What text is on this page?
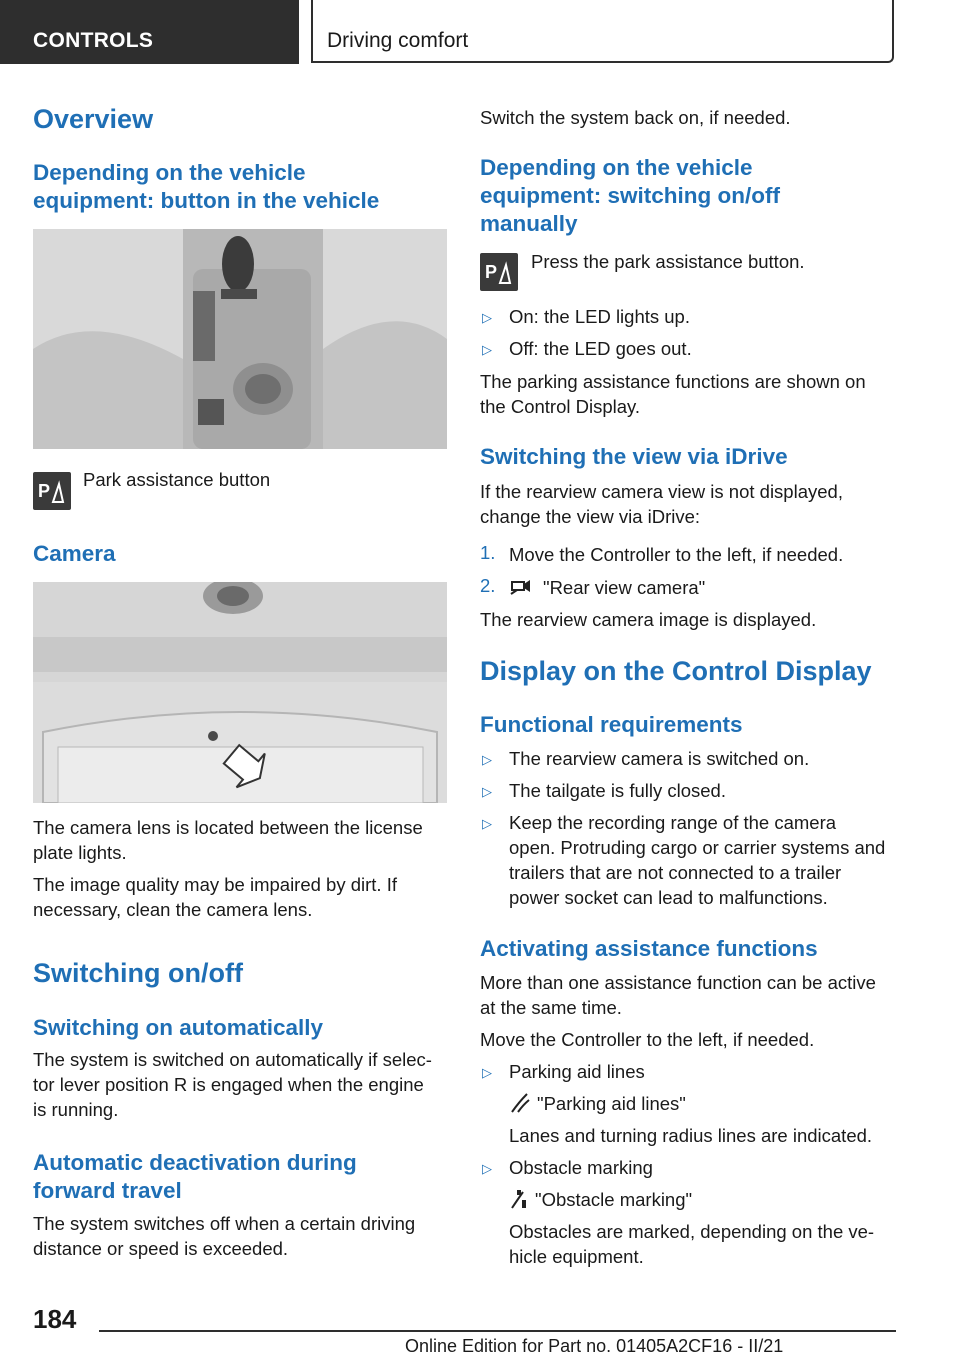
CONTROLS	Driving comfort
Overview
Depending on the vehicle
equipment: button in the vehicle
P
Park assistance button
Camera
The camera lens is located between the license
plate lights.
The image quality may be impaired by dirt. If
necessary, clean the camera lens.
Switching on/off
Switching on automatically
The system is switched on automatically if selec‐
tor lever position R is engaged when the engine
is running.
Automatic deactivation during
forward travel
The system switches off when a certain driving
distance or speed is exceeded.
Switch the system back on, if needed.
Depending on the vehicle
equipment: switching on/off
manually
P Press the park assistance button.
▷ On: the LED lights up.
▷ Off: the LED goes out.
The parking assistance functions are shown on
the Control Display.
Switching the view via iDrive
If the rearview camera view is not displayed,
change the view via iDrive:
1. Move the Controller to the left, if needed.
2.	"Rear view camera"
The rearview camera image is displayed.
Display on the Control Display
Functional requirements
▷ The rearview camera is switched on.
▷ The tailgate is fully closed.
▷ Keep the recording range of the camera
open. Protruding cargo or carrier systems and
trailers that are not connected to a trailer
power socket can lead to malfunctions.
Activating assistance functions
More than one assistance function can be active
at the same time.
Move the Controller to the left, if needed.
▷ Parking aid lines
"Parking aid lines"
Lanes and turning radius lines are indicated.
▷ Obstacle marking
"Obstacle marking"
Obstacles are marked, depending on the ve‐
hicle equipment.
184
Online Edition for Part no. 01405A2CF16 - II/21
